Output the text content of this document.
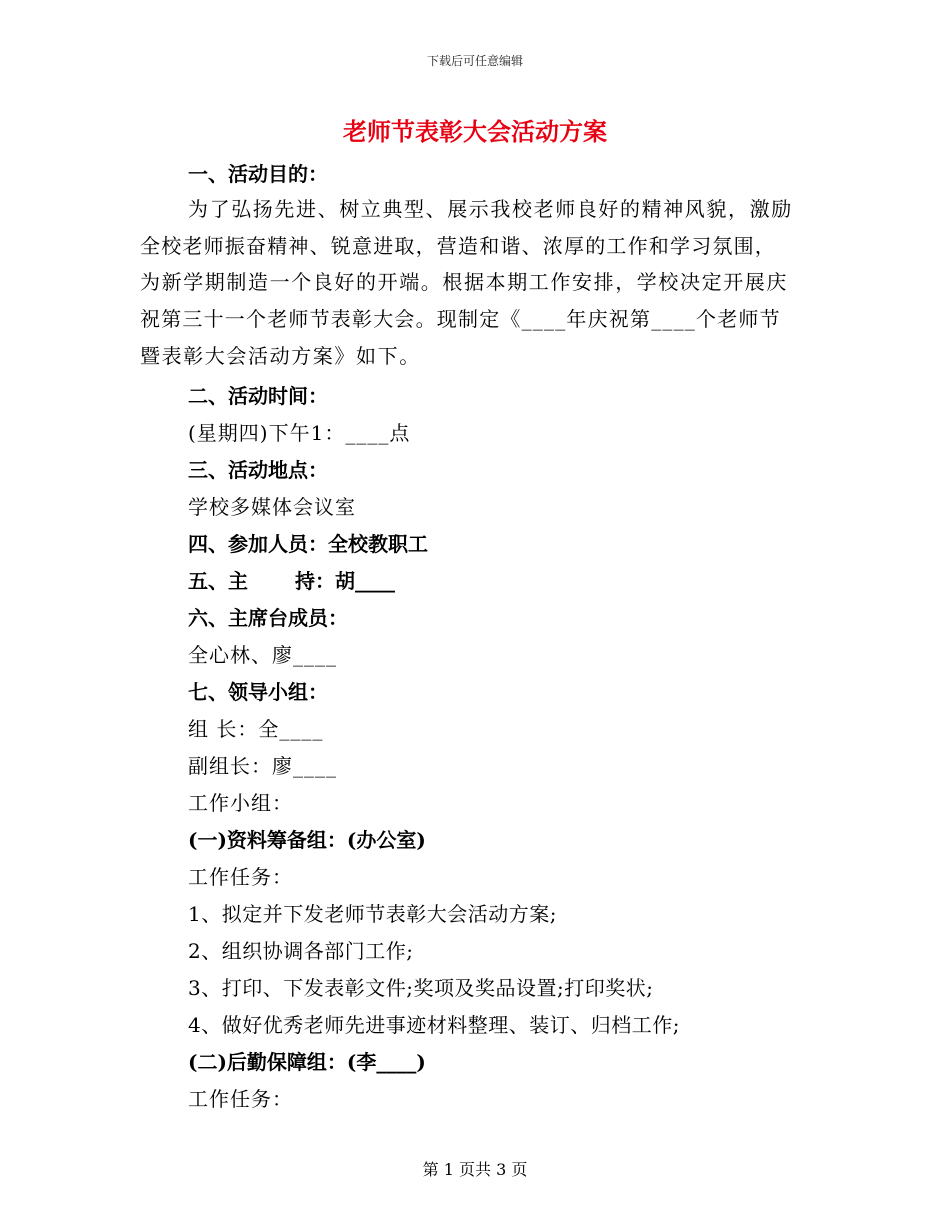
下载后可任意编辑
老师节表彰大会活动方案
一、活动目的：
为了弘扬先进、树立典型、展示我校老师良好的精神风貌，激励
全校老师振奋精神、锐意进取，营造和谐、浓厚的工作和学习氛围，
为新学期制造一个良好的开端。根据本期工作安排，学校决定开展庆
祝第三十一个老师节表彰大会。现制定《____年庆祝第____个老师节
暨表彰大会活动方案》如下。
二、活动时间：
(星期四)下午1：____点
三、活动地点：
学校多媒体会议室
四、参加人员：全校教职工
五、主　　 持：胡____
六、主席台成员：
全心林、廖____
七、领导小组：
组 长：全____
副组长：廖____
工作小组：
(一)资料筹备组：(办公室)
工作任务：
1、拟定并下发老师节表彰大会活动方案;
2、组织协调各部门工作;
3、打印、下发表彰文件;奖项及奖品设置;打印奖状;
4、做好优秀老师先进事迹材料整理、装订、归档工作;
(二)后勤保障组：(李____)
工作任务：
第 1 页共 3 页
